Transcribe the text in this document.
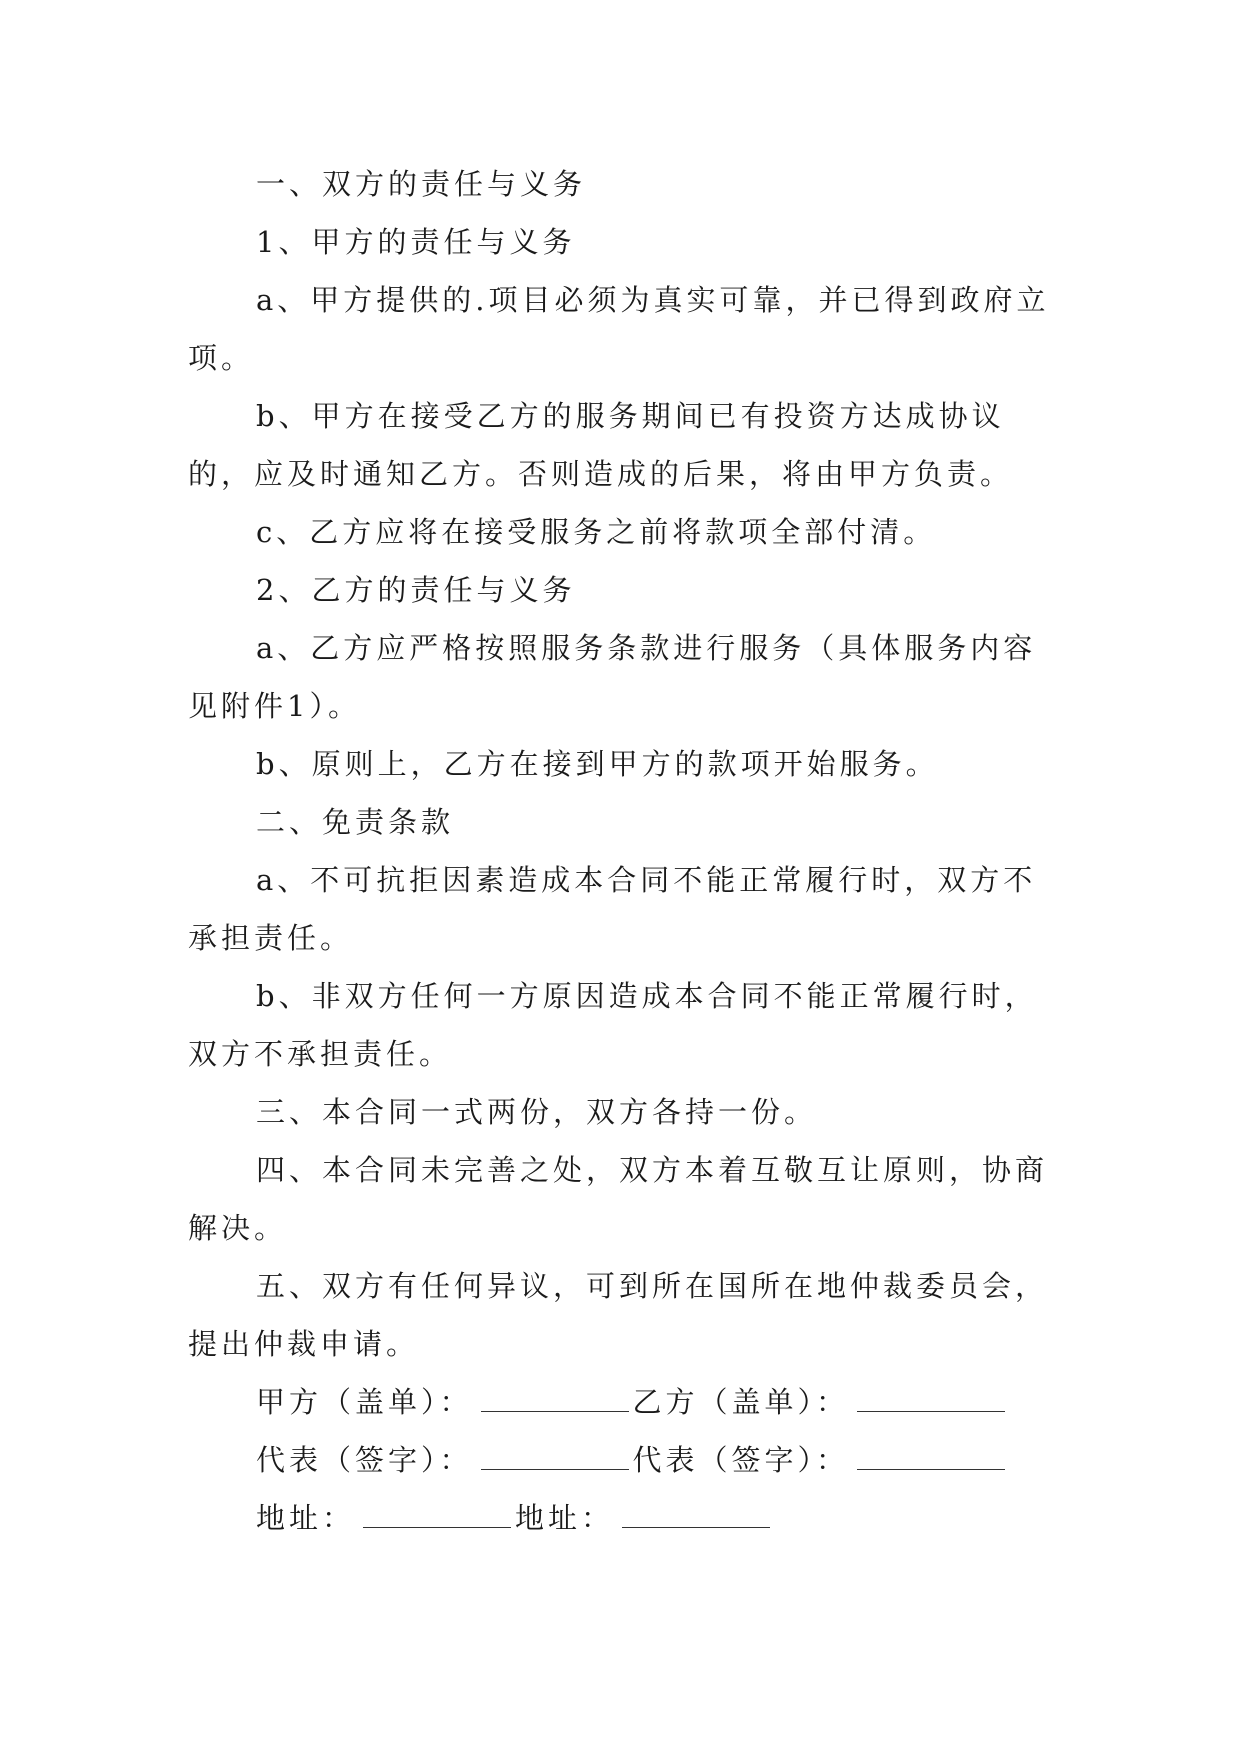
一、双方的责任与义务

1、甲方的责任与义务

a、甲方提供的.项目必须为真实可靠，并已得到政府立项。

b、甲方在接受乙方的服务期间已有投资方达成协议的，应及时通知乙方。否则造成的后果，将由甲方负责。

c、乙方应将在接受服务之前将款项全部付清。

2、乙方的责任与义务

a、乙方应严格按照服务条款进行服务（具体服务内容见附件1）。

b、原则上，乙方在接到甲方的款项开始服务。

二、免责条款

a、不可抗拒因素造成本合同不能正常履行时，双方不承担责任。

b、非双方任何一方原因造成本合同不能正常履行时，双方不承担责任。

三、本合同一式两份，双方各持一份。

四、本合同未完善之处，双方本着互敬互让原则，协商解决。

五、双方有任何异议，可到所在国所在地仲裁委员会，提出仲裁申请。

甲方（盖单）：	乙方（盖单）：

代表（签字）：	代表（签字）：

地址：	地址：
